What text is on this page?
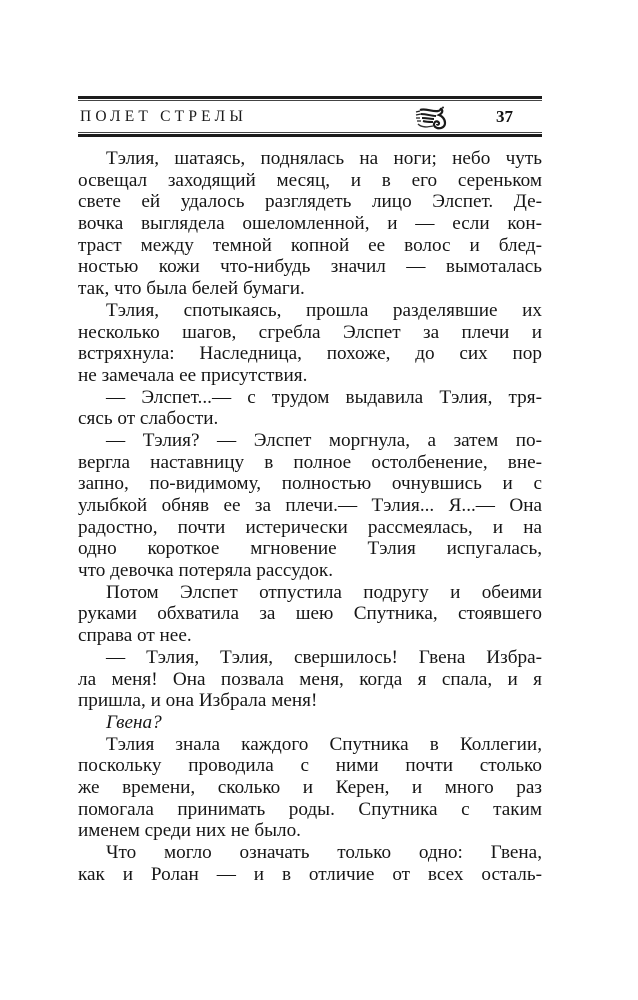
ПОЛЕТ СТРЕЛЫ	37
Тэлия, шатаясь, поднялась на ноги; небо чуть
освещал заходящий месяц, и в его сереньком
свете ей удалось разглядеть лицо Элспет. Де-
вочка выглядела ошеломленной, и — если кон-
траст между темной копной ее волос и блед-
ностью кожи что-нибудь значил — вымоталась
так, что была белей бумаги.
Тэлия, спотыкаясь, прошла разделявшие их
несколько шагов, сгребла Элспет за плечи и
встряхнула: Наследница, похоже, до сих пор
не замечала ее присутствия.
— Элспет...— с трудом выдавила Тэлия, тря-
сясь от слабости.
— Тэлия? — Элспет моргнула, а затем по-
вергла наставницу в полное остолбенение, вне-
запно, по-видимому, полностью очнувшись и с
улыбкой обняв ее за плечи.— Тэлия... Я...— Она
радостно, почти истерически рассмеялась, и на
одно короткое мгновение Тэлия испугалась,
что девочка потеряла рассудок.
Потом Элспет отпустила подругу и обеими
руками обхватила за шею Спутника, стоявшего
справа от нее.
— Тэлия, Тэлия, свершилось! Гвена Избра-
ла меня! Она позвала меня, когда я спала, и я
пришла, и она Избрала меня!
Гвена?
Тэлия знала каждого Спутника в Коллегии,
поскольку проводила с ними почти столько
же времени, сколько и Керен, и много раз
помогала принимать роды. Спутника с таким
именем среди них не было.
Что могло означать только одно: Гвена,
как и Ролан — и в отличие от всех осталь-
